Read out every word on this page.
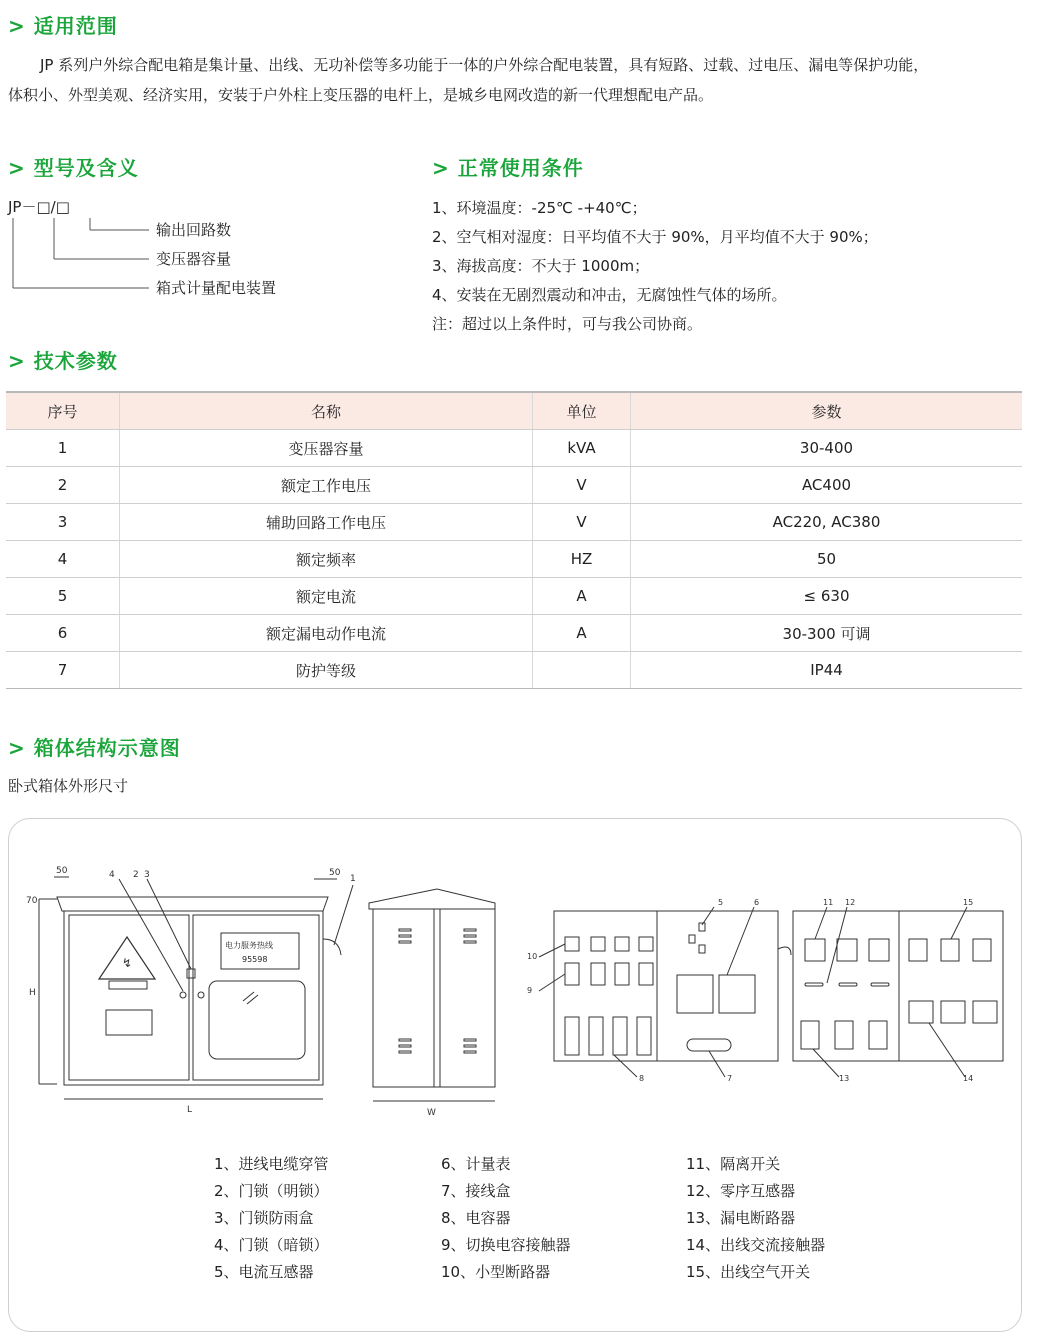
> 适用范围
JP 系列户外综合配电箱是集计量、出线、无功补偿等多功能于一体的户外综合配电装置，具有短路、过载、过电压、漏电等保护功能，
体积小、外型美观、经济实用，安装于户外柱上变压器的电杆上，是城乡电网改造的新一代理想配电产品。
> 型号及含义
JP－□/□
输出回路数
变压器容量
箱式计量配电装置
> 正常使用条件
1、环境温度：-25℃ -+40℃；
2、空气相对湿度：日平均值不大于 90%，月平均值不大于 90%；
3、海拔高度：不大于 1000m；
4、安装在无剧烈震动和冲击，无腐蚀性气体的场所。
注：超过以上条件时，可与我公司协商。
> 技术参数
序号	名称	单位	参数
1	变压器容量	kVA	30-400
2	额定工作电压	V	AC400
3	辅助回路工作电压	V	AC220, AC380
4	额定频率	HZ	50
5	额定电流	A	≤ 630
6	额定漏电动作电流	A	30-300 可调
7	防护等级		IP44
> 箱体结构示意图
卧式箱体外形尺寸
50	50
4 2 3	1
70
H
↯
电力服务热线
95598
L	W
10
9
5	6
8	7
11 12	15
13	14
1、进线电缆穿管
2、门锁（明锁）
3、门锁防雨盒
4、门锁（暗锁）
5、电流互感器
6、计量表
7、接线盒
8、电容器
9、切换电容接触器
10、小型断路器
11、隔离开关
12、零序互感器
13、漏电断路器
14、出线交流接触器
15、出线空气开关
